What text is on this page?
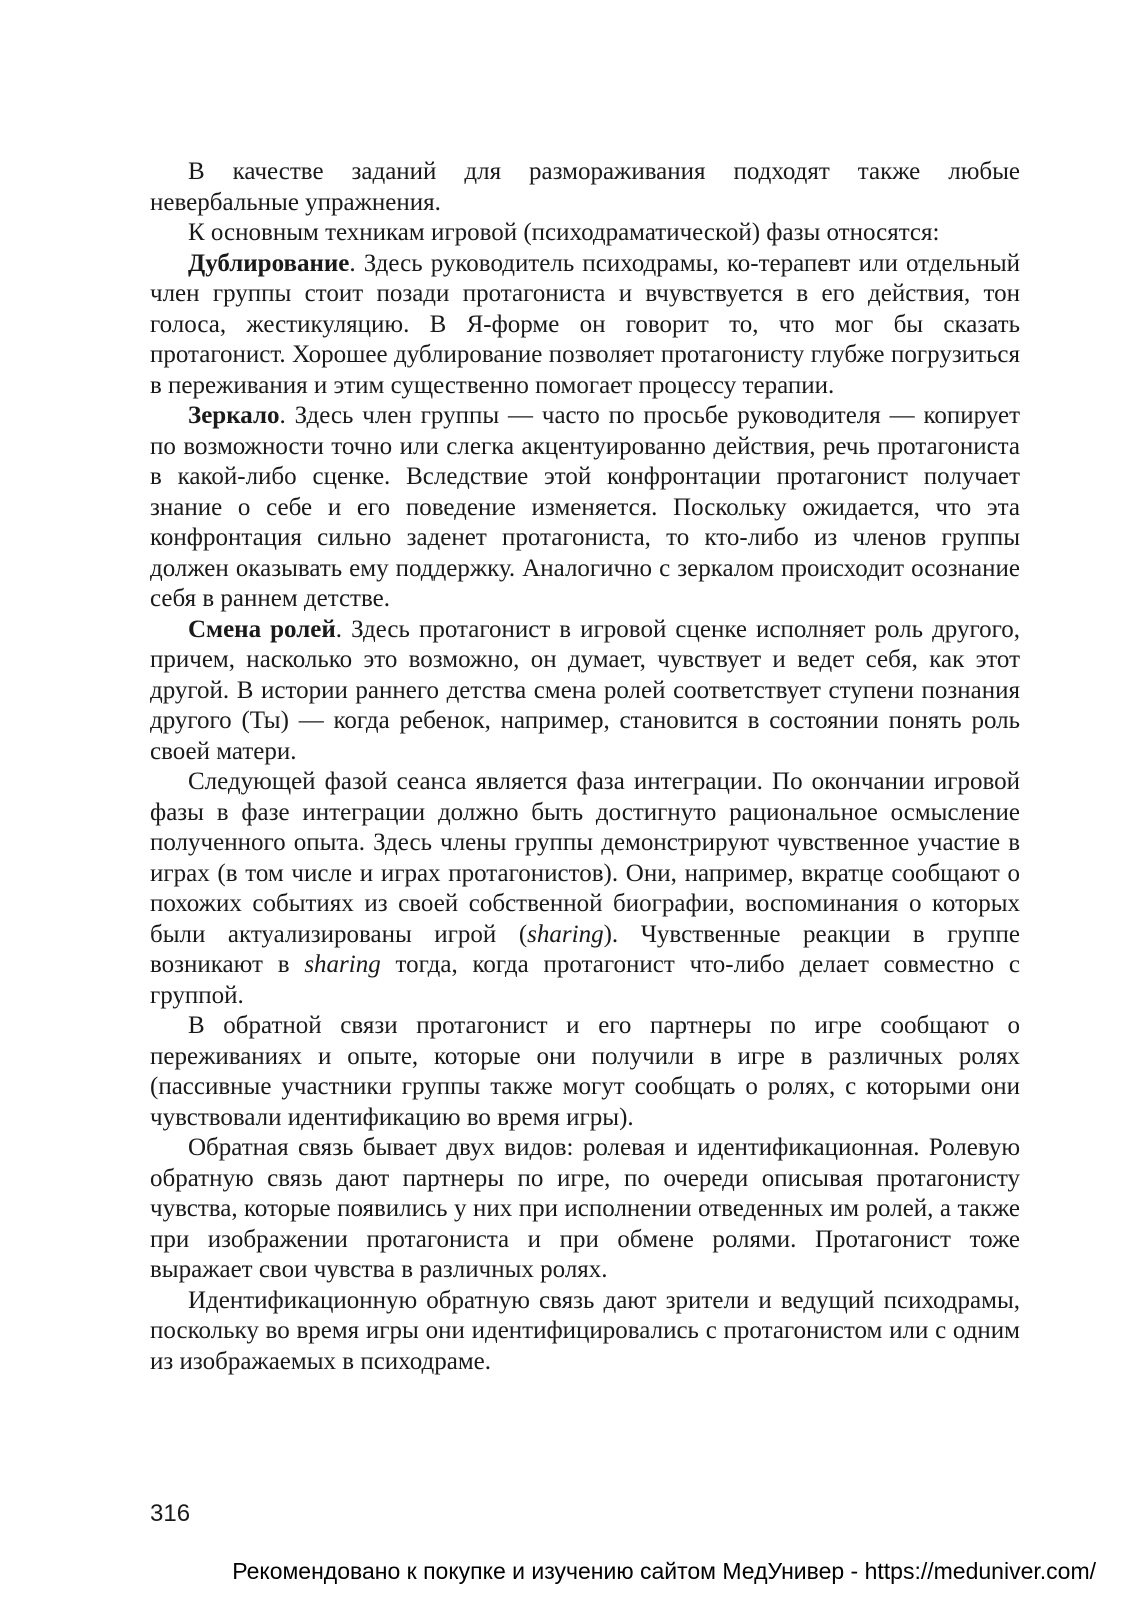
В качестве заданий для размораживания подходят также любые невербальные упражнения.

К основным техникам игровой (психодраматической) фазы относятся:

Дублирование. Здесь руководитель психодрамы, ко-терапевт или отдельный член группы стоит позади протагониста и вчувствуется в его действия, тон голоса, жестикуляцию. В Я-форме он говорит то, что мог бы сказать протагонист. Хорошее дублирование позволяет протагонисту глубже погрузиться в переживания и этим существенно помогает процессу терапии.

Зеркало. Здесь член группы — часто по просьбе руководителя — копирует по возможности точно или слегка акцентуированно действия, речь протагониста в какой-либо сценке. Вследствие этой конфронтации протагонист получает знание о себе и его поведение изменяется. Поскольку ожидается, что эта конфронтация сильно заденет протагониста, то кто-либо из членов группы должен оказывать ему поддержку. Аналогично с зеркалом происходит осознание себя в раннем детстве.

Смена ролей. Здесь протагонист в игровой сценке исполняет роль другого, причем, насколько это возможно, он думает, чувствует и ведет себя, как этот другой. В истории раннего детства смена ролей соответствует ступени познания другого (Ты) — когда ребенок, например, становится в состоянии понять роль своей матери.

Следующей фазой сеанса является фаза интеграции. По окончании игровой фазы в фазе интеграции должно быть достигнуто рациональное осмысление полученного опыта. Здесь члены группы демонстрируют чувственное участие в играх (в том числе и играх протагонистов). Они, например, вкратце сообщают о похожих событиях из своей собственной биографии, воспоминания о которых были актуализированы игрой (sharing). Чувственные реакции в группе возникают в sharing тогда, когда протагонист что-либо делает совместно с группой.

В обратной связи протагонист и его партнеры по игре сообщают о переживаниях и опыте, которые они получили в игре в различных ролях (пассивные участники группы также могут сообщать о ролях, с которыми они чувствовали идентификацию во время игры).

Обратная связь бывает двух видов: ролевая и идентификационная. Ролевую обратную связь дают партнеры по игре, по очереди описывая протагонисту чувства, которые появились у них при исполнении отведенных им ролей, а также при изображении протагониста и при обмене ролями. Протагонист тоже выражает свои чувства в различных ролях.

Идентификационную обратную связь дают зрители и ведущий психодрамы, поскольку во время игры они идентифицировались с протагонистом или с одним из изображаемых в психодраме.

316
Рекомендовано к покупке и изучению сайтом МедУнивер - https://meduniver.com/
